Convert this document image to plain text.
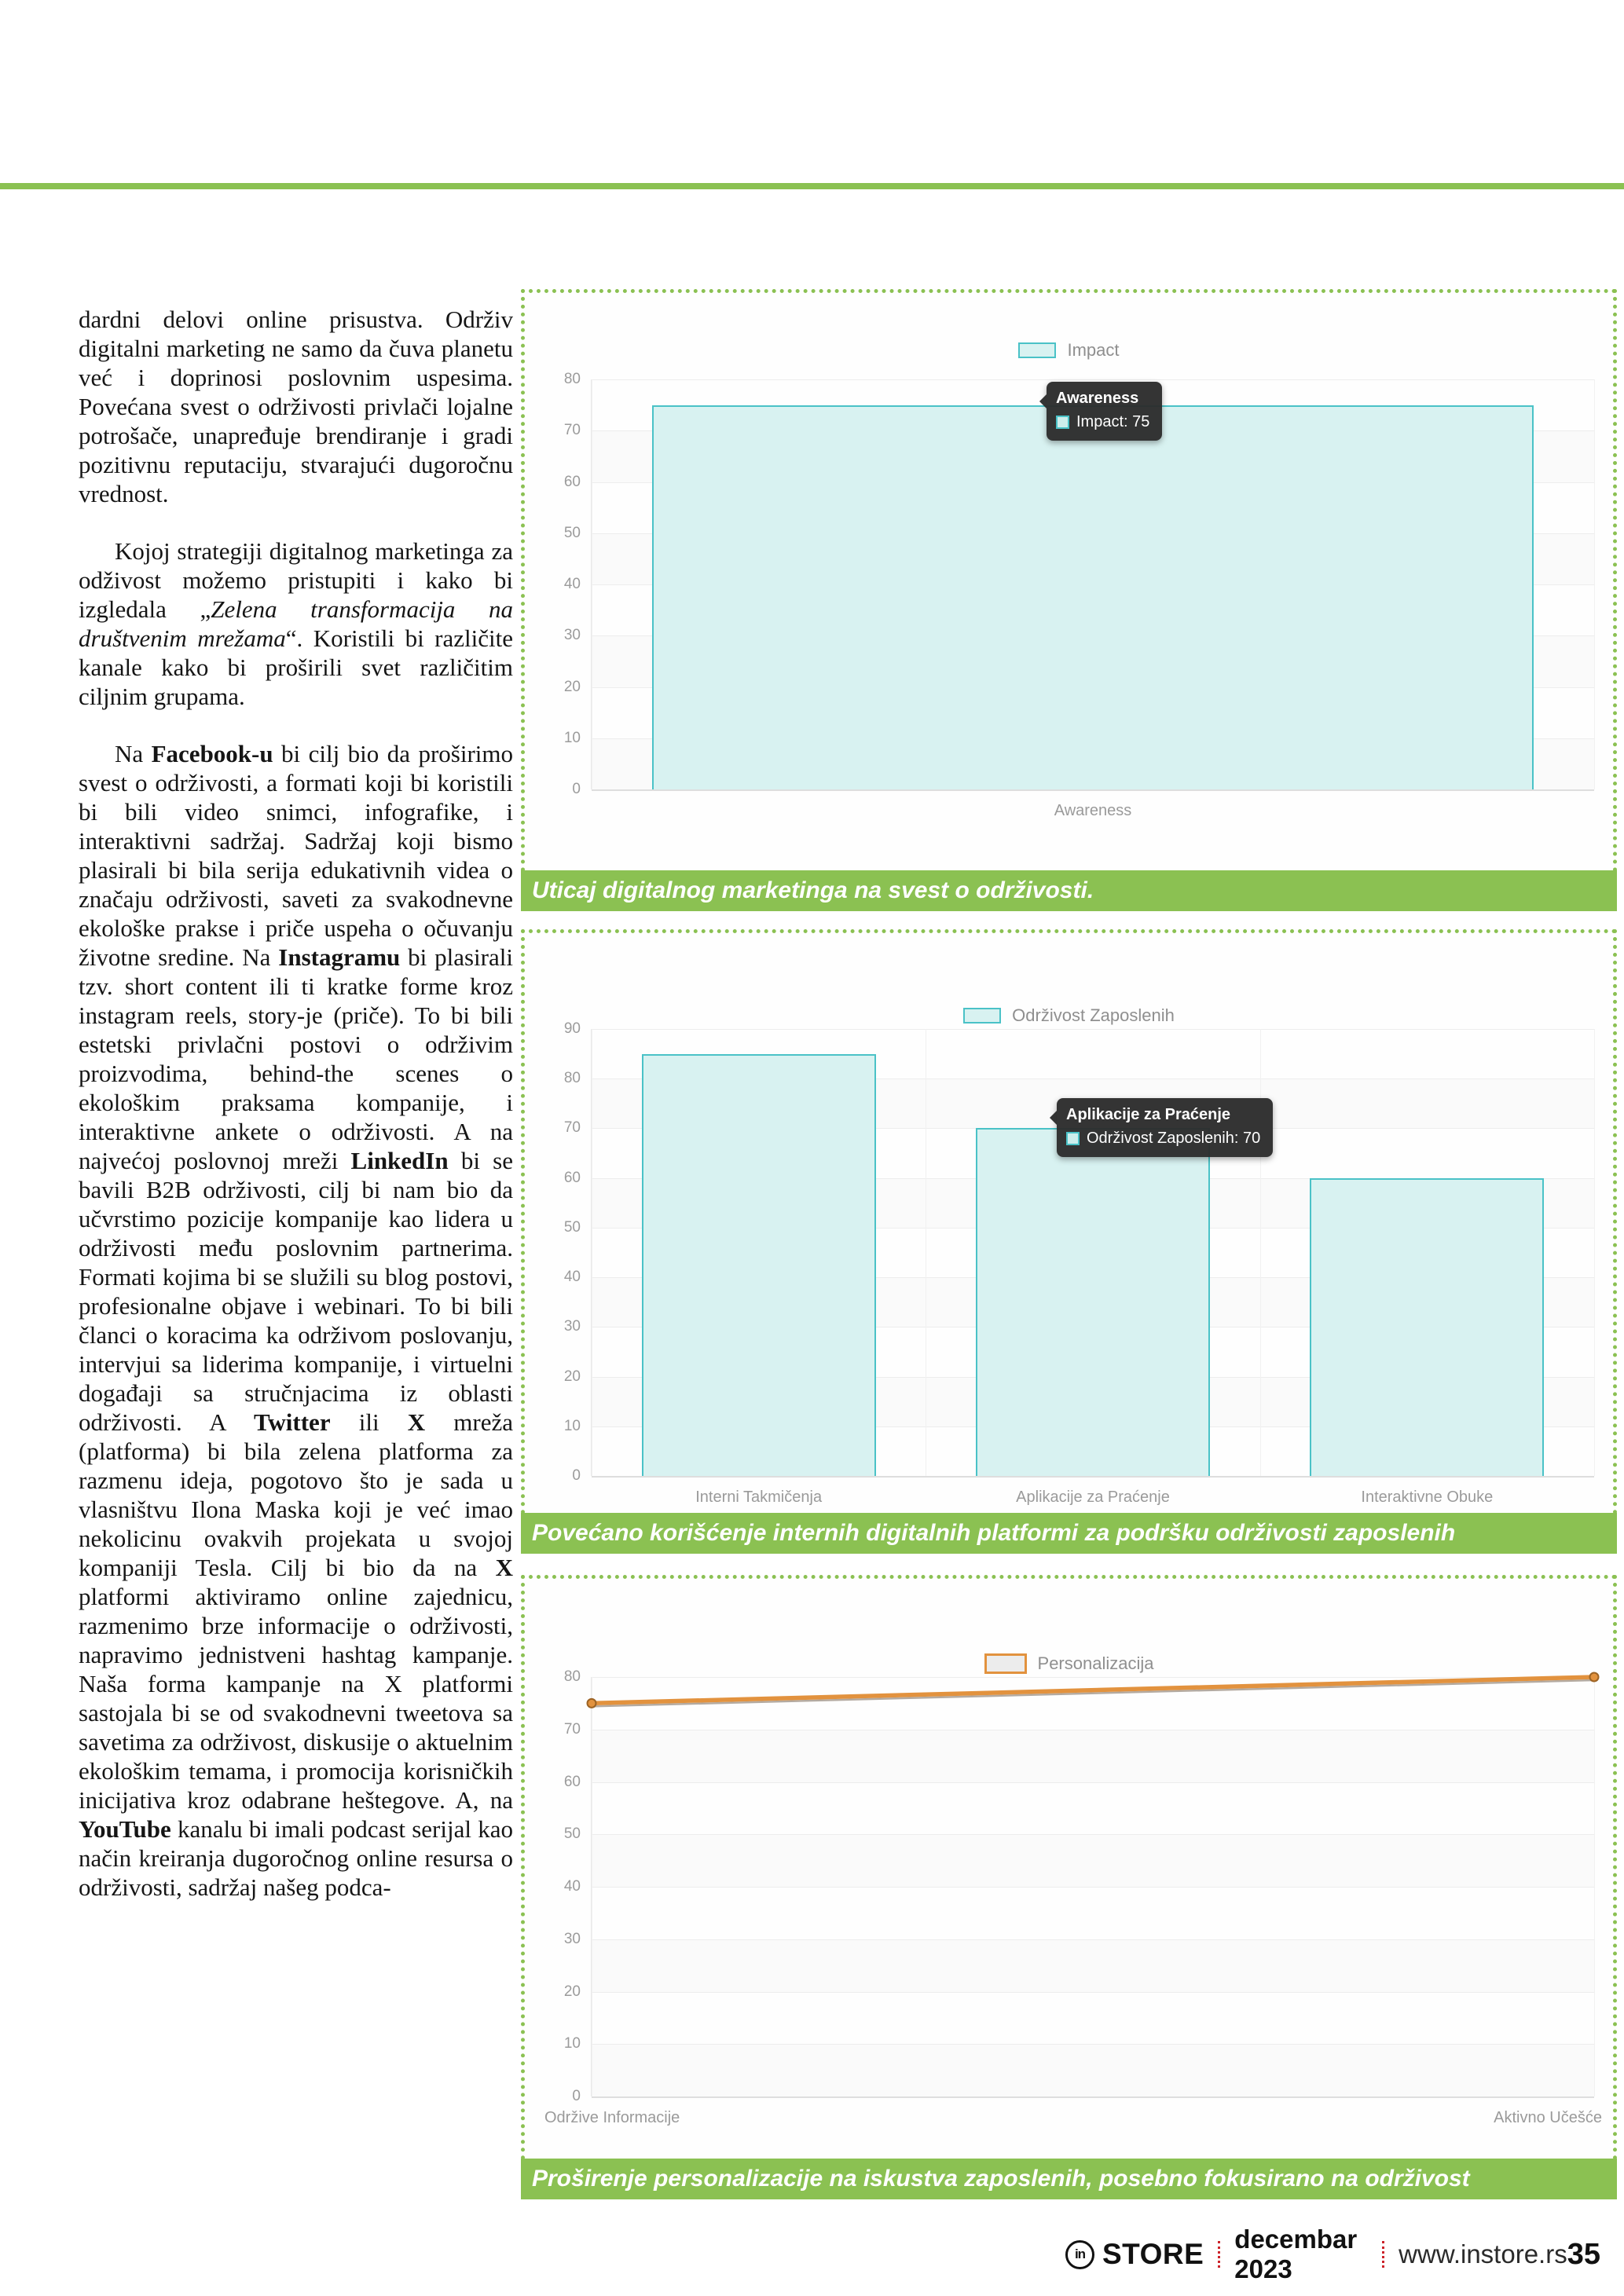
dardni delovi online prisustva. Održiv digitalni marketing ne samo da čuva planetu već i doprinosi poslovnim uspesima. Povećana svest o održivosti privlači lojalne potrošače, unapređuje brendiranje i gradi pozitivnu reputaciju, stvarajući dugoročnu vrednost.

Kojoj strategiji digitalnog marketinga za odživost možemo pristupiti i kako bi izgledala „Zelena transformacija na društvenim mrežama“. Koristili bi različite kanale kako bi proširili svet različitim ciljnim grupama.

Na Facebook-u bi cilj bio da proširimo svest o održivosti, a formati koji bi koristili bi bili video snimci, infografike, i interaktivni sadržaj. Sadržaj koji bismo plasirali bi bila serija edukativnih videa o značaju održivosti, saveti za svakodnevne ekološke prakse i priče uspeha o očuvanju životne sredine. Na Instagramu bi plasirali tzv. short content ili ti kratke forme kroz instagram reels, story-je (priče). To bi bili estetski privlačni postovi o održivim proizvodima, behind-the scenes o ekološkim praksama kompanije, i interaktivne ankete o održivosti. A na najvećoj poslovnoj mreži LinkedIn bi se bavili B2B održivosti, cilj bi nam bio da učvrstimo pozicije kompanije kao lidera u održivosti među poslovnim partnerima. Formati kojima bi se služili su blog postovi, profesionalne objave i webinari. To bi bili članci o koracima ka održivom poslovanju, intervjui sa liderima kompanije, i virtuelni događaji sa stručnjacima iz oblasti održivosti. A Twitter ili X mreža (platforma) bi bila zelena platforma za razmenu ideja, pogotovo što je sada u vlasništvu Ilona Maska koji je već imao nekolicinu ovakvih projekata u svojoj kompaniji Tesla. Cilj bi bio da na X platformi aktiviramo online zajednicu, razmenimo brze informacije o održivosti, napravimo jednistveni hashtag kampanje. Naša forma kampanje na X platformi sastojala bi se od svakodnevni tweetova sa savetima za održivost, diskusije o aktuelnim ekološkim temama, i promocija korisničkih inicijativa kroz odabrane heštegove. A, na YouTube kanalu bi imali podcast serijal kao način kreiranja dugoročnog online resursa o održivosti, sadržaj našeg podca-

Impact
80
70
60
50
40
30
20
10
0
Awareness
Uticaj digitalnog marketinga na svest o održivosti.
Awareness
Impact: 75
Održivost Zaposlenih
90
80
70
60
50
40
30
20
10
0
Interni Takmičenja	Aplikacije za Praćenje	Interaktivne Obuke
Povećano korišćenje internih digitalnih platformi za podršku održivosti zaposlenih
Aplikacije za Praćenje
Održivost Zaposlenih: 70
Personalizacija
80
70
60
50
40
30
20
10
0
Održive Informacije	Aktivno Učešće
Proširenje personalizacije na iskustva zaposlenih, posebno fokusirano na održivost
in STORE decembar 2023
www.instore.rs 35
